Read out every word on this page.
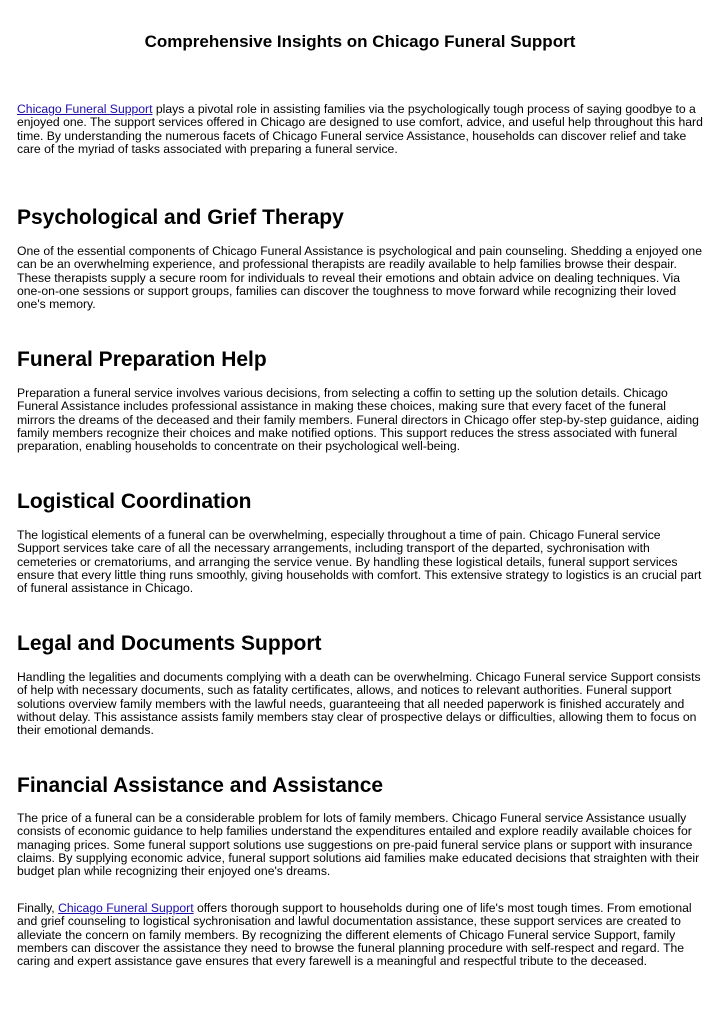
Comprehensive Insights on Chicago Funeral Support

Chicago Funeral Support plays a pivotal role in assisting families via the psychologically tough process of saying goodbye to a enjoyed one. The support services offered in Chicago are designed to use comfort, advice, and useful help throughout this hard time. By understanding the numerous facets of Chicago Funeral service Assistance, households can discover relief and take care of the myriad of tasks associated with preparing a funeral service.

Psychological and Grief Therapy

One of the essential components of Chicago Funeral Assistance is psychological and pain counseling. Shedding a enjoyed one can be an overwhelming experience, and professional therapists are readily available to help families browse their despair. These therapists supply a secure room for individuals to reveal their emotions and obtain advice on dealing techniques. Via one-on-one sessions or support groups, families can discover the toughness to move forward while recognizing their loved one's memory.

Funeral Preparation Help

Preparation a funeral service involves various decisions, from selecting a coffin to setting up the solution details. Chicago Funeral Assistance includes professional assistance in making these choices, making sure that every facet of the funeral mirrors the dreams of the deceased and their family members. Funeral directors in Chicago offer step-by-step guidance, aiding family members recognize their choices and make notified options. This support reduces the stress associated with funeral preparation, enabling households to concentrate on their psychological well-being.

Logistical Coordination

The logistical elements of a funeral can be overwhelming, especially throughout a time of pain. Chicago Funeral service Support services take care of all the necessary arrangements, including transport of the departed, sychronisation with cemeteries or crematoriums, and arranging the service venue. By handling these logistical details, funeral support services ensure that every little thing runs smoothly, giving households with comfort. This extensive strategy to logistics is an crucial part of funeral assistance in Chicago.

Legal and Documents Support

Handling the legalities and documents complying with a death can be overwhelming. Chicago Funeral service Support consists of help with necessary documents, such as fatality certificates, allows, and notices to relevant authorities. Funeral support solutions overview family members with the lawful needs, guaranteeing that all needed paperwork is finished accurately and without delay. This assistance assists family members stay clear of prospective delays or difficulties, allowing them to focus on their emotional demands.

Financial Assistance and Assistance

The price of a funeral can be a considerable problem for lots of family members. Chicago Funeral service Assistance usually consists of economic guidance to help families understand the expenditures entailed and explore readily available choices for managing prices. Some funeral support solutions use suggestions on pre-paid funeral service plans or support with insurance claims. By supplying economic advice, funeral support solutions aid families make educated decisions that straighten with their budget plan while recognizing their enjoyed one's dreams.

Finally, Chicago Funeral Support offers thorough support to households during one of life's most tough times. From emotional and grief counseling to logistical sychronisation and lawful documentation assistance, these support services are created to alleviate the concern on family members. By recognizing the different elements of Chicago Funeral service Support, family members can discover the assistance they need to browse the funeral planning procedure with self-respect and regard. The caring and expert assistance gave ensures that every farewell is a meaningful and respectful tribute to the deceased.
